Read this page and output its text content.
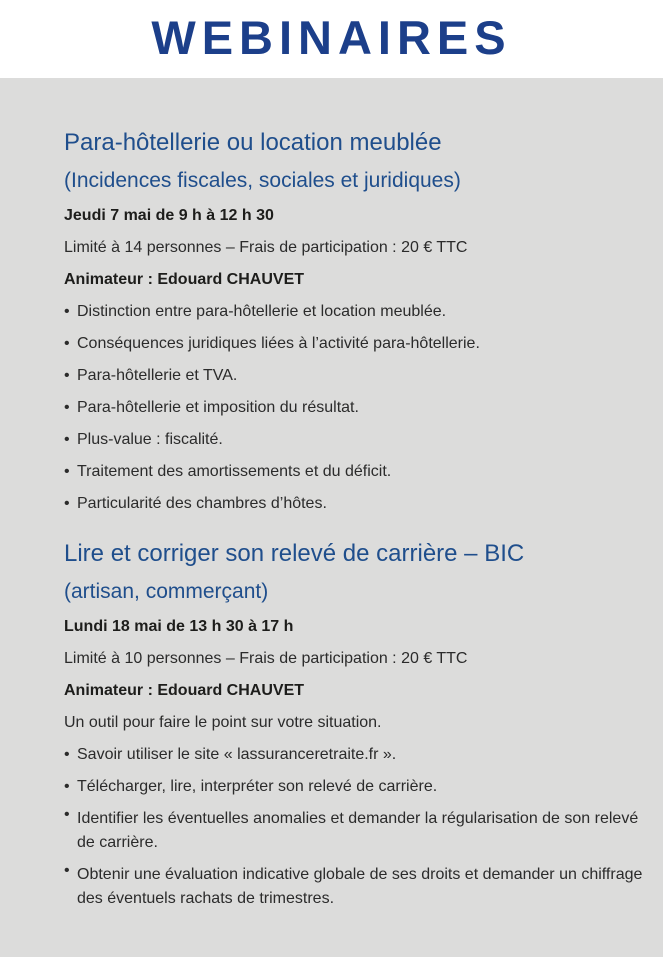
WEBINAIRES
Para-hôtellerie ou location meublée
(Incidences fiscales, sociales et juridiques)
Jeudi 7 mai de 9 h à 12 h 30
Limité à 14 personnes – Frais de participation : 20 € TTC
Animateur : Edouard CHAUVET
• Distinction entre para-hôtellerie et location meublée.
• Conséquences juridiques liées à l’activité para-hôtellerie.
• Para-hôtellerie et TVA.
• Para-hôtellerie et imposition du résultat.
• Plus-value : fiscalité.
• Traitement des amortissements et du déficit.
• Particularité des chambres d’hôtes.
Lire et corriger son relevé de carrière – BIC
(artisan, commerçant)
Lundi 18 mai de 13 h 30 à 17 h
Limité à 10 personnes – Frais de participation : 20 € TTC
Animateur : Edouard CHAUVET
Un outil pour faire le point sur votre situation.
• Savoir utiliser le site « lassuranceretraite.fr ».
• Télécharger, lire, interpréter son relevé de carrière.
• Identifier les éventuelles anomalies et demander la régularisation de son relevé de carrière.
• Obtenir une évaluation indicative globale de ses droits et demander un chiffrage des éventuels rachats de trimestres.
